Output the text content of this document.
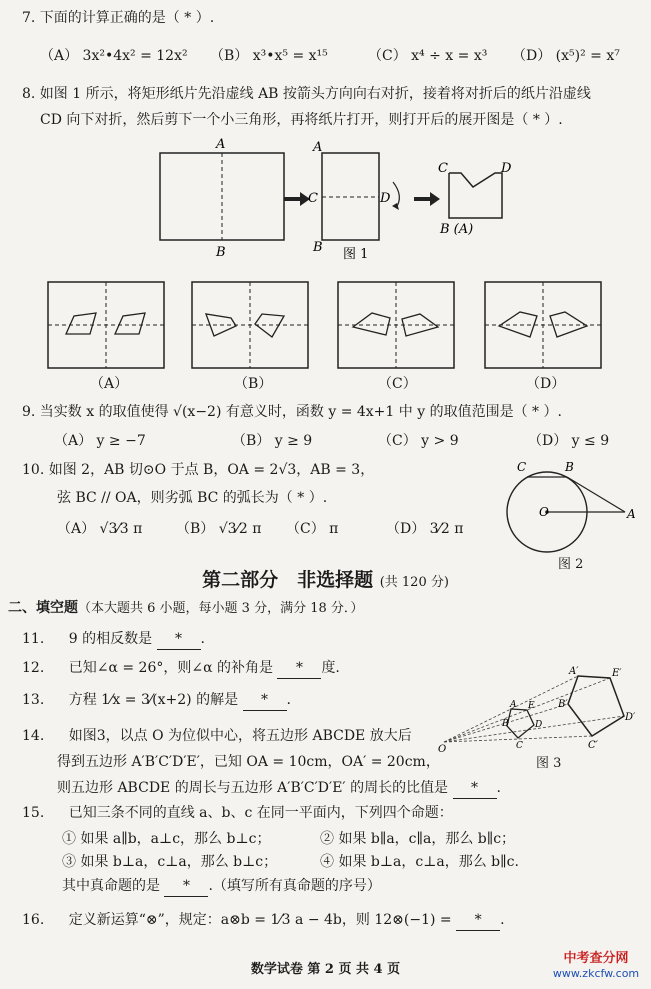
7. 下面的计算正确的是（ * ）.
（A） 3x²•4x² = 12x² （B） x³•x⁵ = x¹⁵	（C） x⁴ ÷ x = x³ （D） (x⁵)² = x⁷
8. 如图 1 所示，将矩形纸片先沿虚线 AB 按箭头方向向右对折，接着将对折后的纸片沿虚线
CD 向下对折，然后剪下一个小三角形，再将纸片打开，则打开后的展开图是（ * ）.
A
B
A
B
C	D
C	D
B (A)
图 1
（A）	（B）	（C）	（D）
9. 当实数 x 的取值使得 √(x−2) 有意义时，函数 y = 4x+1 中 y 的取值范围是（ * ）.
（A） y ≥ −7	（B） y ≥ 9	（C） y > 9	（D） y ≤ 9
10. 如图 2，AB 切⊙O 于点 B，OA = 2√3，AB = 3，
弦 BC // OA，则劣弧 BC 的弧长为（ * ）.
（A） √3⁄3 π （B） √3⁄2 π （C） π	（D） 3⁄2 π
C	B
O	A
图 2
第二部分　非选择题 (共 120 分)
二、填空题（本大题共 6 小题，每小题 3 分，满分 18 分．）
11. 9 的相反数是 * .
12. 已知∠α = 26°，则∠α 的补角是 * 度.
13. 方程 1⁄x = 3⁄(x+2) 的解是 * .
14. 如图3，以点 O 为位似中心，将五边形 ABCDE 放大后
得到五边形 A′B′C′D′E′，已知 OA = 10cm，OA′ = 20cm，
则五边形 ABCDE 的周长与五边形 A′B′C′D′E′ 的周长的比值是 * .
O
A
B
C
D
E
A′
B′
C′
D′
E′
图 3
15. 已知三条不同的直线 a、b、c 在同一平面内，下列四个命题：
① 如果 a∥b，a⊥c，那么 b⊥c；	② 如果 b∥a，c∥a，那么 b∥c；
③ 如果 b⊥a，c⊥a，那么 b⊥c；	④ 如果 b⊥a，c⊥a，那么 b∥c.
其中真命题的是 * .（填写所有真命题的序号）
16. 定义新运算“⊗”，规定：a⊗b = 1⁄3 a − 4b，则 12⊗(−1) = * .
数学试卷 第 2 页 共 4 页
中考查分网
www.zkcfw.com
